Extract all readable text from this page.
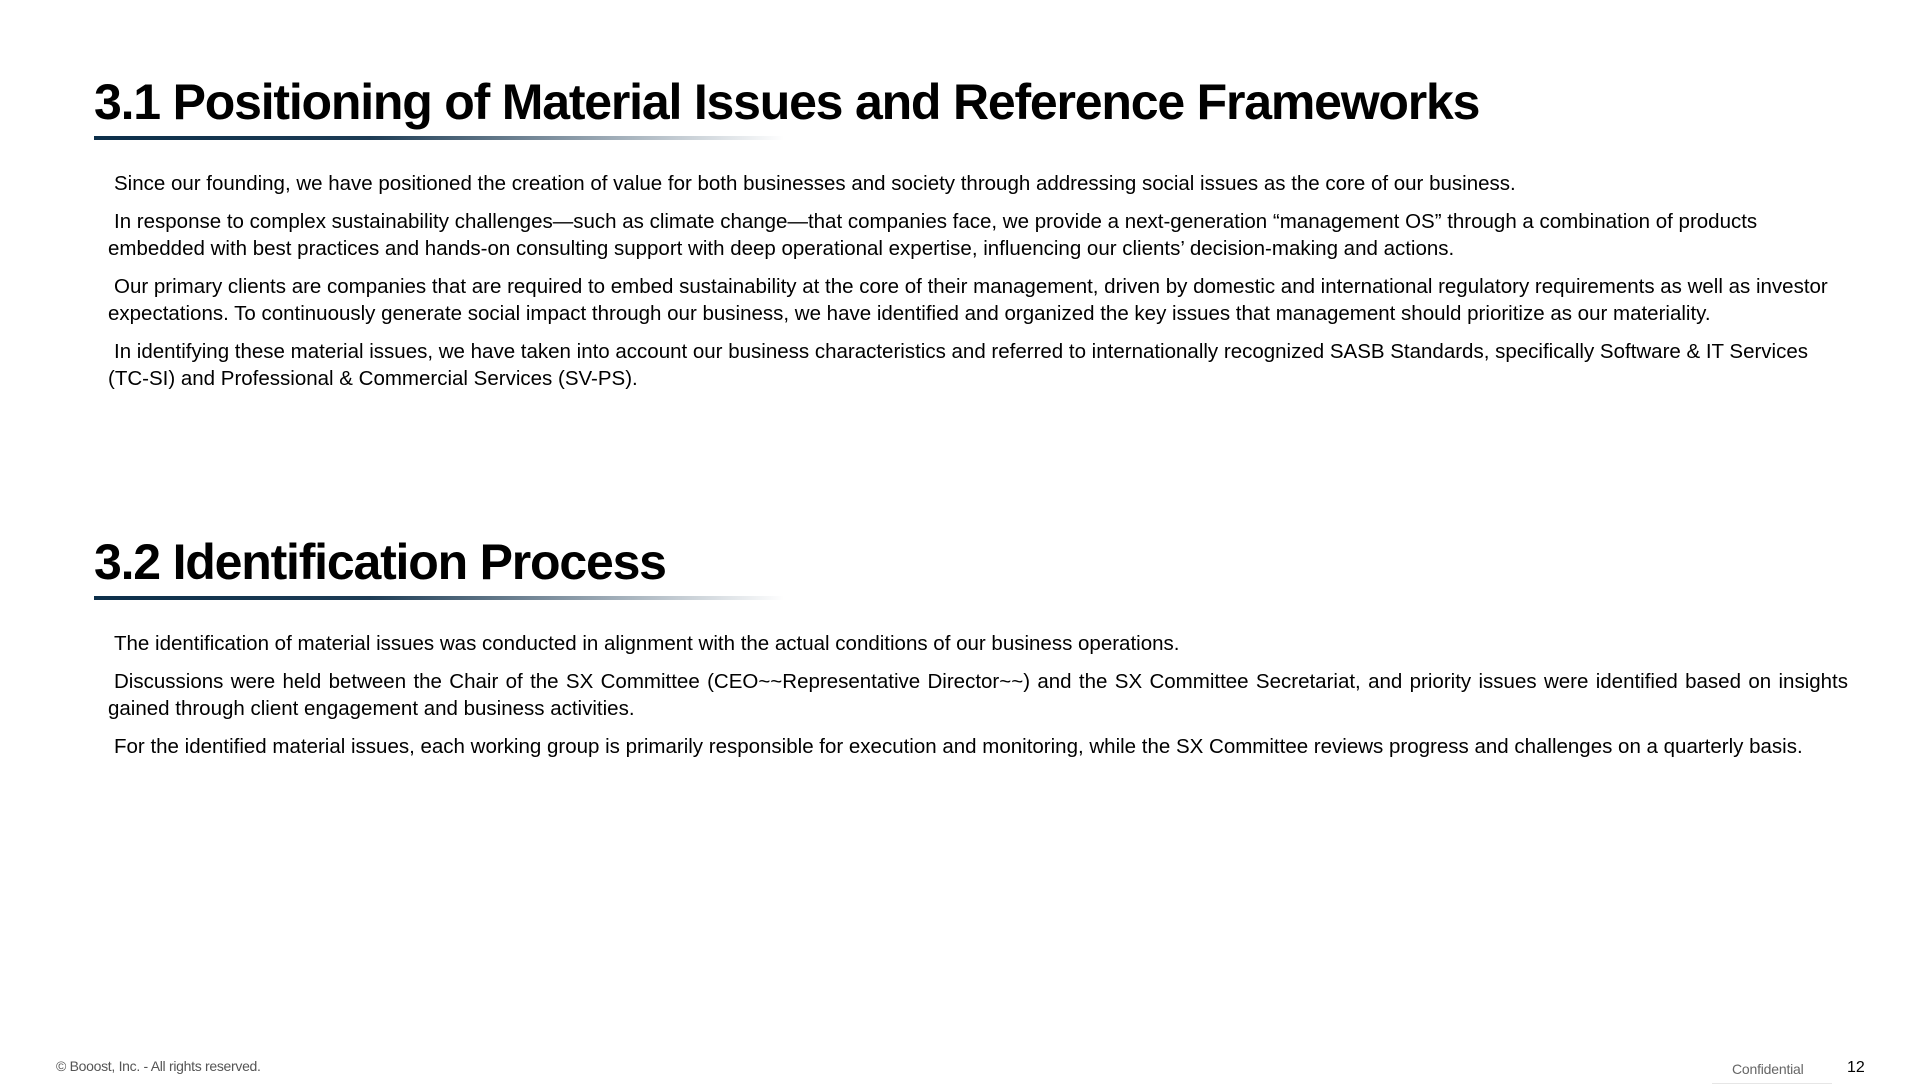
3.1 Positioning of Material Issues and Reference Frameworks

Since our founding, we have positioned the creation of value for both businesses and society through addressing social issues as the core of our business.

In response to complex sustainability challenges—such as climate change—that companies face, we provide a next-generation “management OS” through a combination of products embedded with best practices and hands-on consulting support with deep operational expertise, influencing our clients’ decision-making and actions.

Our primary clients are companies that are required to embed sustainability at the core of their management, driven by domestic and international regulatory requirements as well as investor expectations. To continuously generate social impact through our business, we have identified and organized the key issues that management should prioritize as our materiality.

In identifying these material issues, we have taken into account our business characteristics and referred to internationally recognized SASB Standards, specifically Software & IT Services (TC-SI) and Professional & Commercial Services (SV-PS).

3.2 Identification Process

The identification of material issues was conducted in alignment with the actual conditions of our business operations.

Discussions were held between the Chair of the SX Committee (CEO~~Representative Director~~) and the SX Committee Secretariat, and priority issues were identified based on insights gained through client engagement and business activities.

For the identified material issues, each working group is primarily responsible for execution and monitoring, while the SX Committee reviews progress and challenges on a quarterly basis.

© Booost, Inc. - All rights reserved.	Confidential	12
